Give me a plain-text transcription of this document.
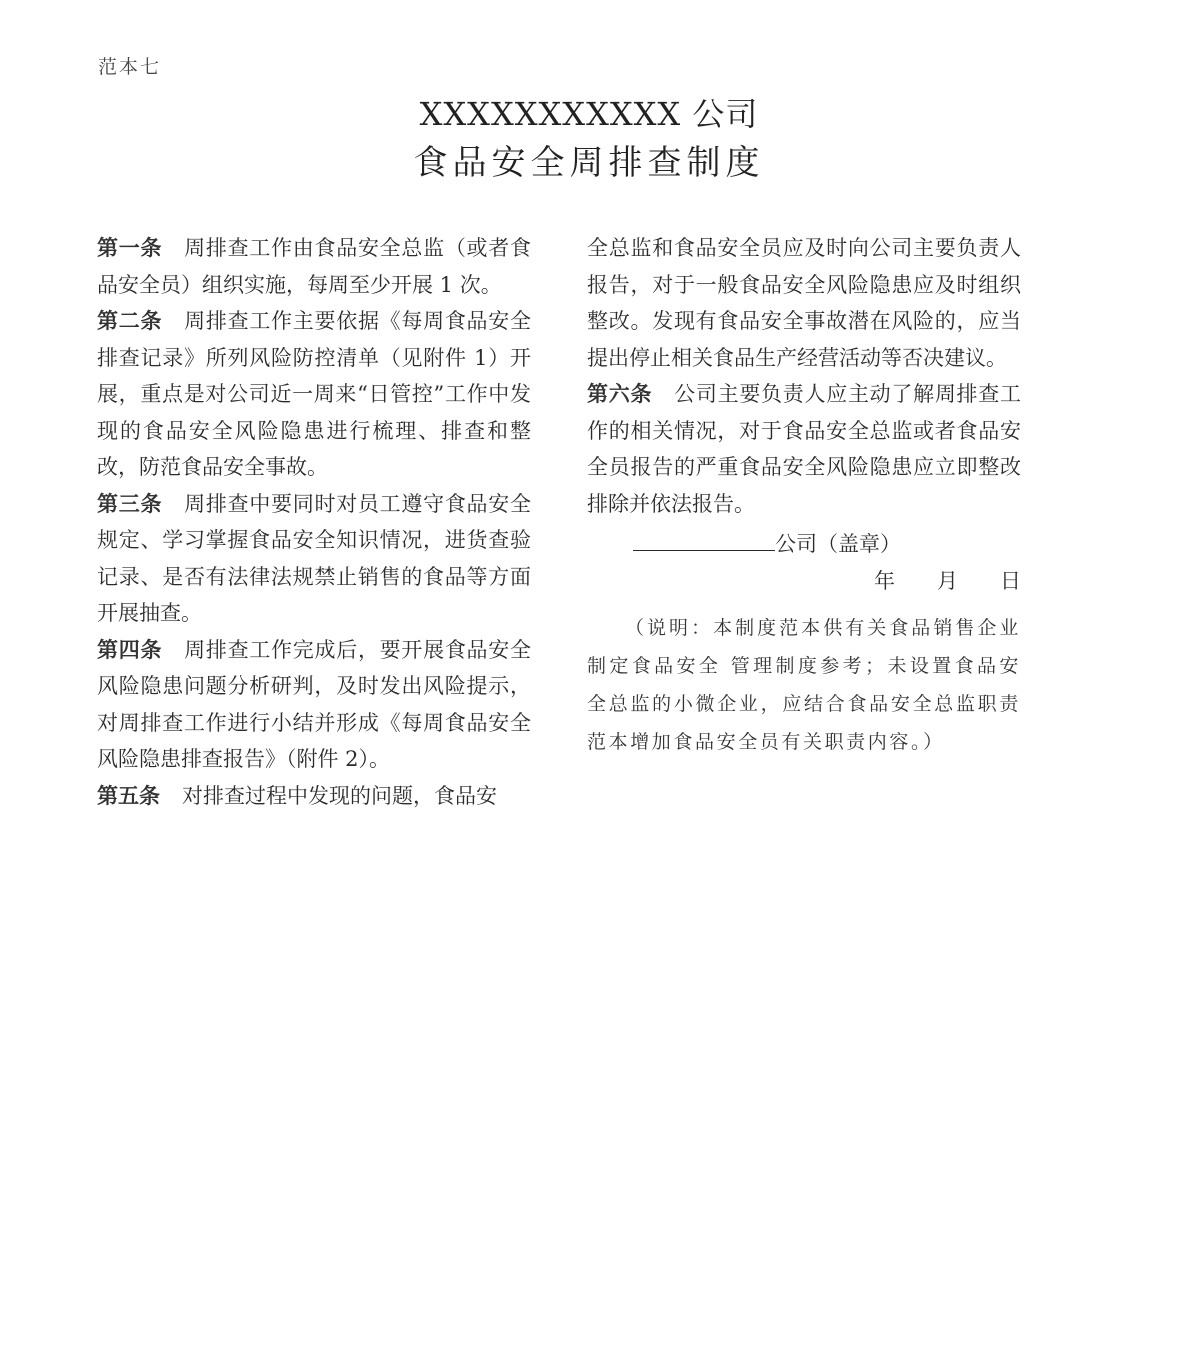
范本七
XXXXXXXXXXX 公司
食品安全周排查制度

第一条 周排查工作由食品安全总监（或者食品安全员）组织实施，每周至少开展 1 次。

第二条 周排查工作主要依据《每周食品安全排查记录》所列风险防控清单（见附件 1）开展，重点是对公司近一周来“日管控”工作中发现的食品安全风险隐患进行梳理、排查和整改，防范食品安全事故。

第三条 周排查中要同时对员工遵守食品安全规定、学习掌握食品安全知识情况，进货查验记录、是否有法律法规禁止销售的食品等方面开展抽查。

第四条 周排查工作完成后，要开展食品安全风险隐患问题分析研判，及时发出风险提示，对周排查工作进行小结并形成《每周食品安全风险隐患排查报告》（附件 2）。

第五条 对排查过程中发现的问题，食品安

全总监和食品安全员应及时向公司主要负责人报告，对于一般食品安全风险隐患应及时组织整改。发现有食品安全事故潜在风险的，应当提出停止相关食品生产经营活动等否决建议。

第六条 公司主要负责人应主动了解周排查工作的相关情况，对于食品安全总监或者食品安全员报告的严重食品安全风险隐患应立即整改排除并依法报告。

公司（盖章）
年 月 日

（说明：本制度范本供有关食品销售企业制定食品安全 管理制度参考；未设置食品安全总监的小微企业，应结合食品安全总监职责范本增加食品安全员有关职责内容。）
